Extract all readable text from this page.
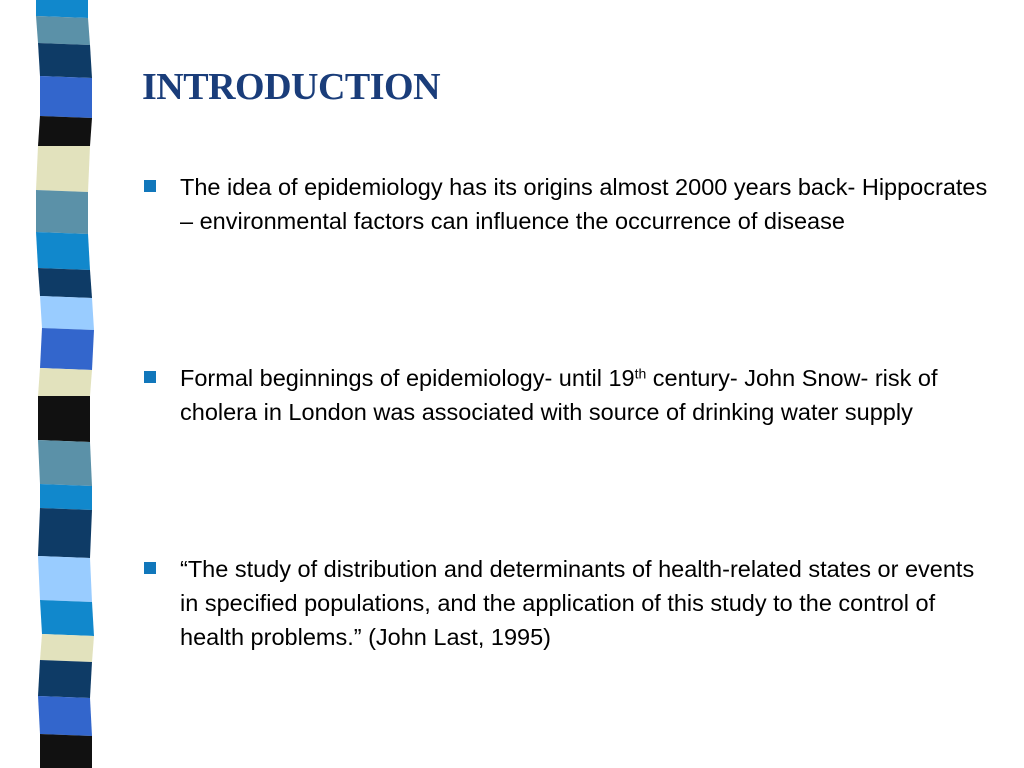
INTRODUCTION
The idea of epidemiology has its origins almost 2000 years back- Hippocrates – environmental factors can influence the occurrence of disease
Formal beginnings of epidemiology- until 19th century- John Snow- risk of cholera in London was associated with source of drinking water supply
“The study of distribution and determinants of health-related states or events in specified populations, and the application of this study to the control of health problems.” (John Last, 1995)
